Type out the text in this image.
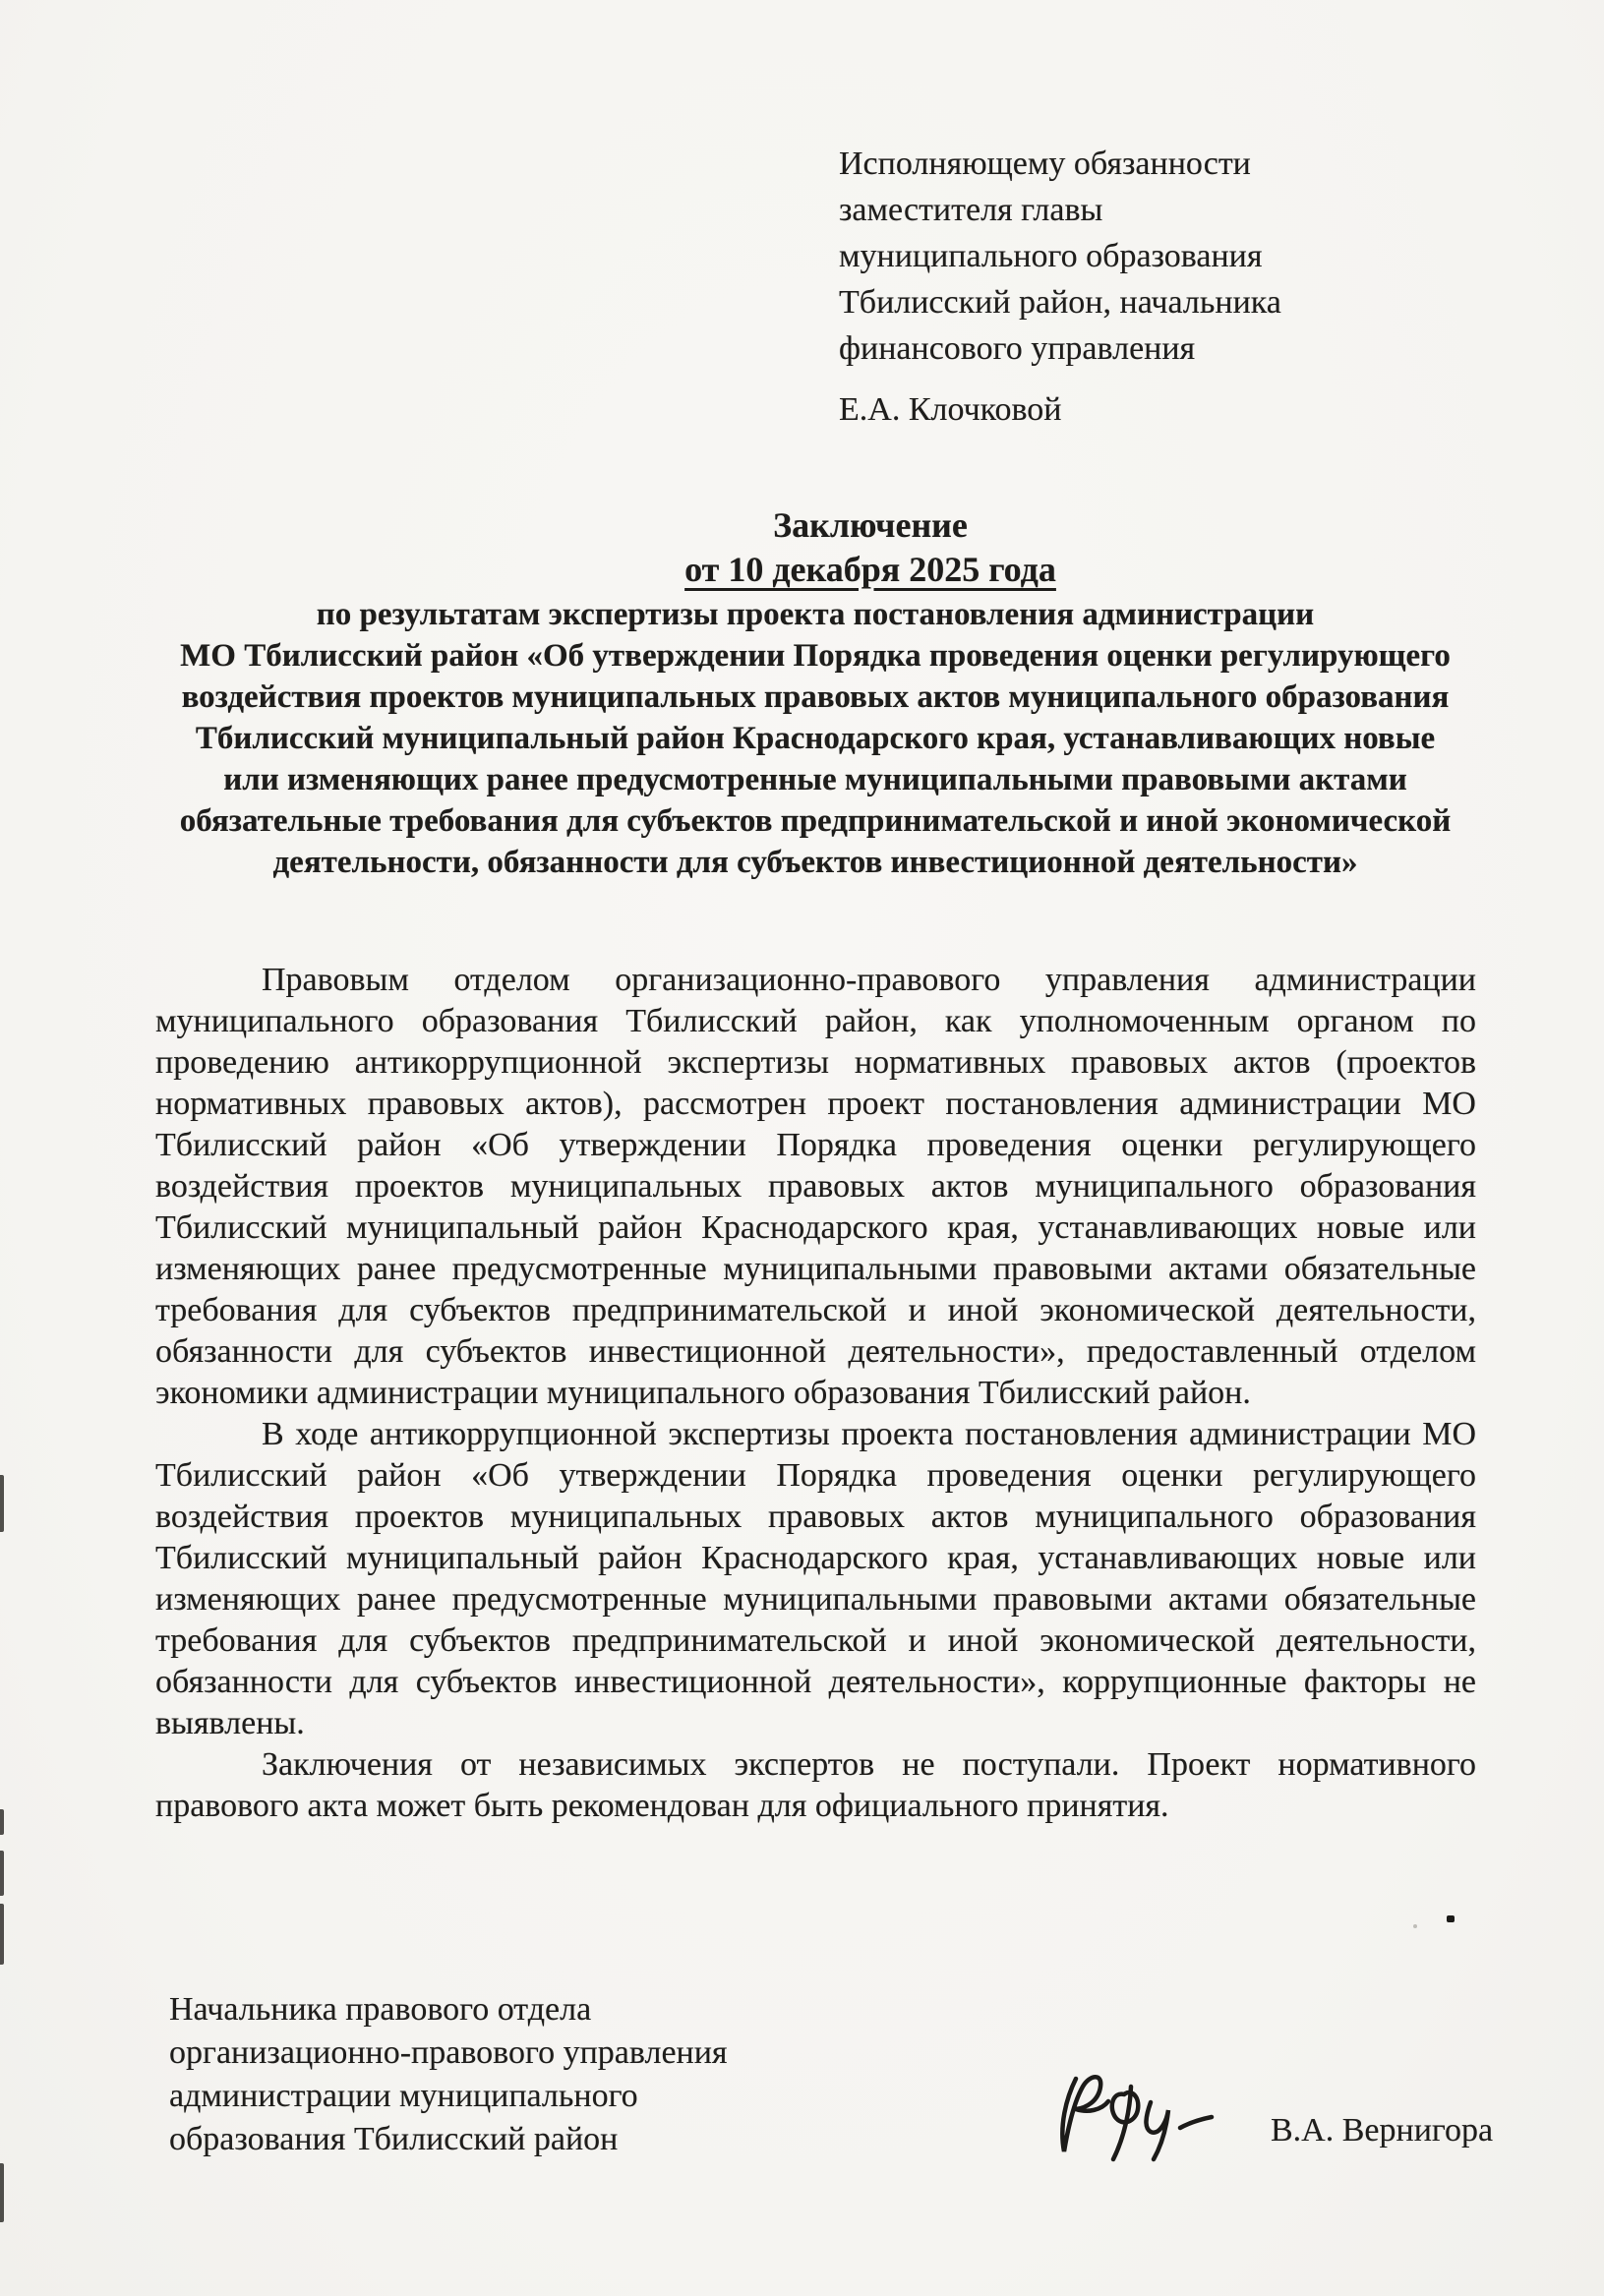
Исполняющему обязанности
заместителя главы
муниципального образования
Тбилисский район, начальника
финансового управления
Е.А. Клочковой
Заключение
от 10 декабря 2025 года
по результатам экспертизы проекта постановления администрации
МО Тбилисский район «Об утверждении Порядка проведения оценки регулирующего
воздействия проектов муниципальных правовых актов муниципального образования
Тбилисский муниципальный район Краснодарского края, устанавливающих новые
или изменяющих ранее предусмотренные муниципальными правовыми актами
обязательные требования для субъектов предпринимательской и иной экономической
деятельности, обязанности для субъектов инвестиционной деятельности»

Правовым отделом организационно-правового управления администрации муниципального образования Тбилисский район, как уполномоченным органом по проведению антикоррупционной экспертизы нормативных правовых актов (проектов нормативных правовых актов), рассмотрен проект постановления администрации МО Тбилисский район «Об утверждении Порядка проведения оценки регулирующего воздействия проектов муниципальных правовых актов муниципального образования Тбилисский муниципальный район Краснодарского края, устанавливающих новые или изменяющих ранее предусмотренные муниципальными правовыми актами обязательные требования для субъектов предпринимательской и иной экономической деятельности, обязанности для субъектов инвестиционной деятельности», предоставленный отделом экономики администрации муниципального образования Тбилисский район.

В ходе антикоррупционной экспертизы проекта постановления администрации МО Тбилисский район «Об утверждении Порядка проведения оценки регулирующего воздействия проектов муниципальных правовых актов муниципального образования Тбилисский муниципальный район Краснодарского края, устанавливающих новые или изменяющих ранее предусмотренные муниципальными правовыми актами обязательные требования для субъектов предпринимательской и иной экономической деятельности, обязанности для субъектов инвестиционной деятельности», коррупционные факторы не выявлены.

Заключения от независимых экспертов не поступали. Проект нормативного правового акта может быть рекомендован для официального принятия.

Начальника правового отдела
организационно-правового управления
администрации муниципального
образования Тбилисский район	В.А. Вернигора
